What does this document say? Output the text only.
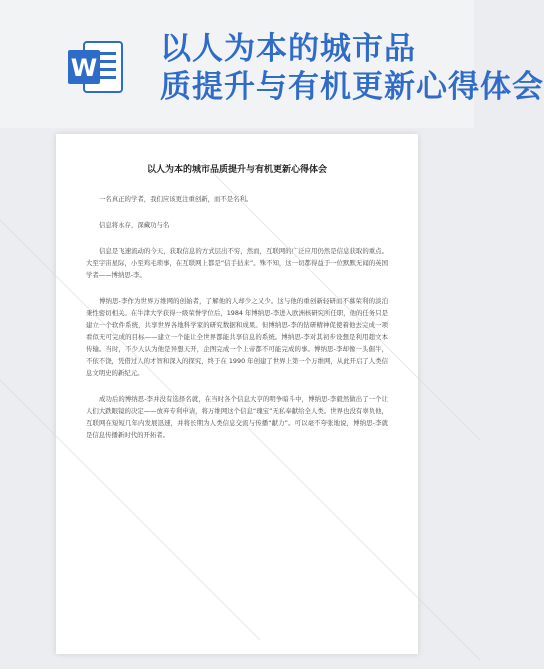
W
以人为本的城市品
质提升与有机更新心得体会
以人为本的城市品质提升与有机更新心得体会

一名真正的学者，我们应该更注重创新，而不是名利。

信息将永存，深藏功与名

信息是飞速流动的今天，获取信息的方式层出不穷，然而，互联网的广泛应用仍然是信息获取的重点。大至宇宙星际，小至鸡毛琐事，在互联网上都是“信手拈来”。殊不知，这一切都得益于一位默默无闻的英国学者——博纳思-李。

博纳思-李作为世界万维网的创始者，了解他的人却少之又少。这与他的重创新轻研而不慕荣利的淡泊秉性密切相关。在牛津大学获得一级荣誉学位后，1984 年博纳思-李进入欧洲核研究所任职，他的任务只是建立一个软件系统，共享世界各地科学家的研究数据和成果。但博纳思-李的钻研精神促使着他去完成一项看似无可完成的目标——建立一个能让全世界都能共享信息的系统。博纳思-李对其初步设想是利用超文本传输。当时，不少人认为他是异想天开，企图完成一个上帝都不可能完成的事。博纳思-李却像一头倔牛，不依不饶，凭借过人的才智和深入的探究，终于在 1990 年创建了世界上第一个万维网，从此开启了人类信息文明史的新纪元。

成功后的博纳思-李并没有选择名就，在当时各个信息大亨的明争暗斗中，博纳思-李毅然做出了一个让人们大跌眼镜的决定——放弃专利申请，将万维网这个信息“瑰宝”无私奉献给全人类。世界也没有辜负他，互联网在短短几年内发展迅速，并将长期为人类信息交流与传播“献力”。可以毫不夸张地说，博纳思-李就是信息传播新时代的开拓者。
